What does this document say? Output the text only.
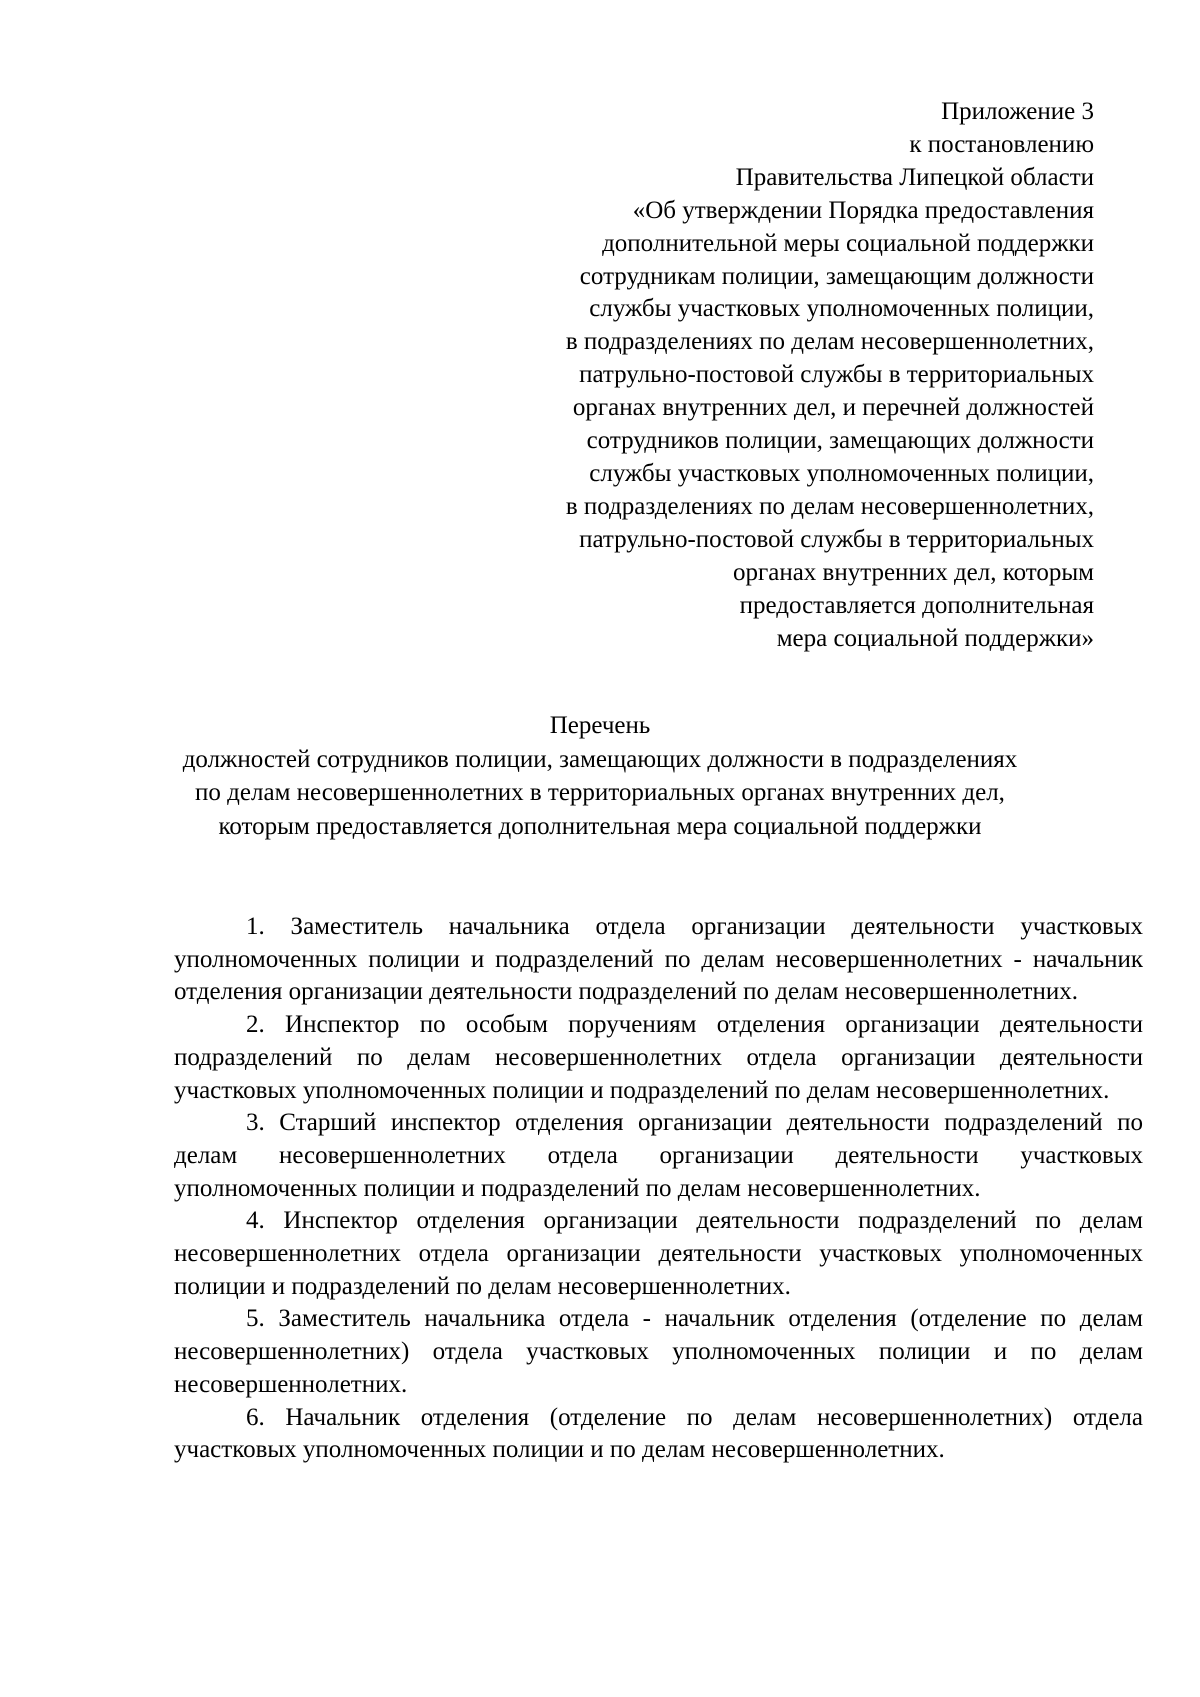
Приложение 3
к постановлению
Правительства Липецкой области
«Об утверждении Порядка предоставления
дополнительной меры социальной поддержки
сотрудникам полиции, замещающим должности
службы участковых уполномоченных полиции,
в подразделениях по делам несовершеннолетних,
патрульно-постовой службы в территориальных
органах внутренних дел, и перечней должностей
сотрудников полиции, замещающих должности
службы участковых уполномоченных полиции,
в подразделениях по делам несовершеннолетних,
патрульно-постовой службы в территориальных
органах внутренних дел, которым
предоставляется дополнительная
мера социальной поддержки»
Перечень
должностей сотрудников полиции, замещающих должности в подразделениях
по делам несовершеннолетних в территориальных органах внутренних дел,
которым предоставляется дополнительная мера социальной поддержки

1. Заместитель начальника отдела организации деятельности участковых уполномоченных полиции и подразделений по делам несовершеннолетних - начальник отделения организации деятельности подразделений по делам несовершеннолетних.

2. Инспектор по особым поручениям отделения организации деятельности подразделений по делам несовершеннолетних отдела организации деятельности участковых уполномоченных полиции и подразделений по делам несовершеннолетних.

3. Старший инспектор отделения организации деятельности подразделений по делам несовершеннолетних отдела организации деятельности участковых уполномоченных полиции и подразделений по делам несовершеннолетних.

4. Инспектор отделения организации деятельности подразделений по делам несовершеннолетних отдела организации деятельности участковых уполномоченных полиции и подразделений по делам несовершеннолетних.

5. Заместитель начальника отдела - начальник отделения (отделение по делам несовершеннолетних) отдела участковых уполномоченных полиции и по делам несовершеннолетних.

6. Начальник отделения (отделение по делам несовершеннолетних) отдела участковых уполномоченных полиции и по делам несовершеннолетних.
